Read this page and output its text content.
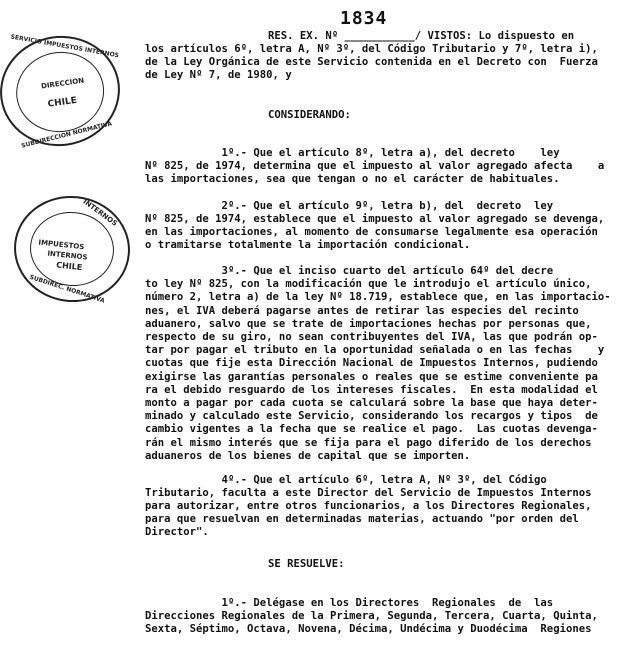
SERVICIO IMPUESTOS INTERNOS
DIRECCION
CHILE
SUBDIRECCION NORMATIVA
INTERNOS
IMPUESTOS
INTERNOS
CHILE
SUBDIREC. NORMATIVA
1834
RES. EX. Nº ___________/ VISTOS: Lo dispuesto en
los artículos 6º, letra A, Nº 3º, del Código Tributario y 7º, letra i),
de la Ley Orgánica de este Servicio contenida en el Decreto con  Fuerza
de Ley Nº 7, de 1980, y
CONSIDERANDO:
1º.- Que el artículo 8º, letra a), del decreto    ley
Nº 825, de 1974, determina que el impuesto al valor agregado afecta    a
las importaciones, sea que tengan o no el carácter de habituales.
2º.- Que el artículo 9º, letra b), del  decreto  ley
Nº 825, de 1974, establece que el impuesto al valor agregado se devenga,
en las importaciones, al momento de consumarse legalmente esa operación
o tramitarse totalmente la importación condicional.
3º.- Que el inciso cuarto del artículo 64º del decre
to ley Nº 825, con la modificación que le introdujo el artículo único,
número 2, letra a) de la ley Nº 18.719, establece que, en las importacio-
nes, el IVA deberá pagarse antes de retirar las especies del recinto
aduanero, salvo que se trate de importaciones hechas por personas que,
respecto de su giro, no sean contribuyentes del IVA, las que podrán op-
tar por pagar el tributo en la oportunidad señalada o en las fechas    y
cuotas que fije esta Dirección Nacional de Impuestos Internos, pudiendo
exigirse las garantías personales o reales que se estime conveniente pa
ra el debido resguardo de los intereses fiscales.  En esta modalidad el
monto a pagar por cada cuota se calculará sobre la base que haya deter-
minado y calculado este Servicio, considerando los recargos y tipos  de
cambio vigentes a la fecha que se realice el pago.  Las cuotas devenga-
rán el mismo interés que se fija para el pago diferido de los derechos
aduaneros de los bienes de capital que se importen.
4º.- Que el artículo 6º, letra A, Nº 3º, del Código
Tributario, faculta a este Director del Servicio de Impuestos Internos
para autorizar, entre otros funcionarios, a los Directores Regionales,
para que resuelvan en determinadas materias, actuando "por orden del
Director".
SE RESUELVE:
1º.- Delégase en los Directores  Regionales  de  las
Direcciones Regionales de la Primera, Segunda, Tercera, Cuarta, Quinta,
Sexta, Séptimo, Octava, Novena, Décima, Undécima y Duodécima  Regiones
